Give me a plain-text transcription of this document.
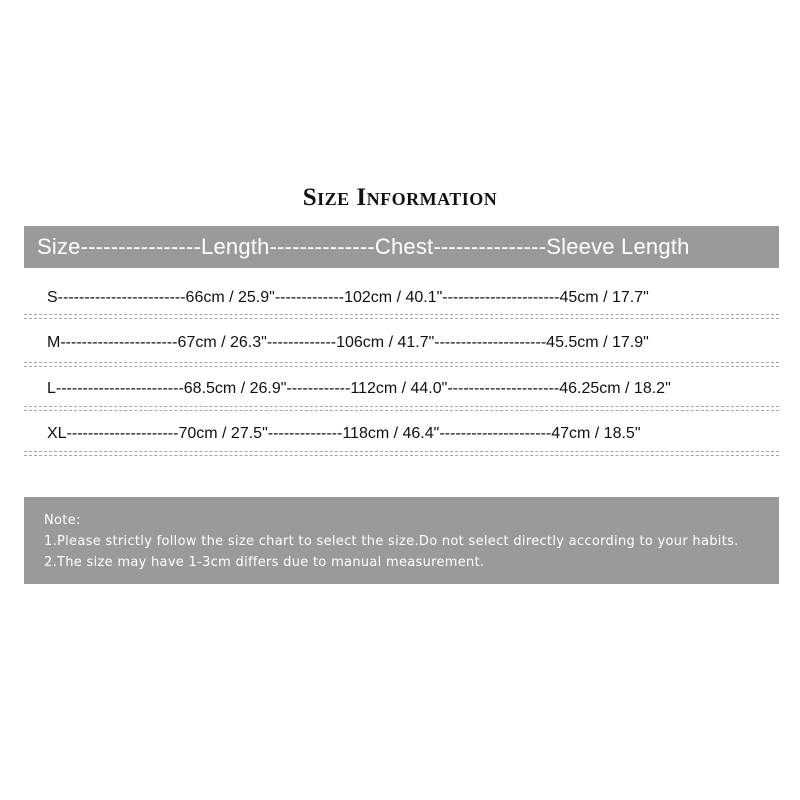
Size Information
Size----------------Length--------------Chest---------------Sleeve Length
S------------------------66cm / 25.9"-------------102cm / 40.1"----------------------45cm / 17.7"
M----------------------67cm / 26.3"-------------106cm / 41.7"---------------------45.5cm / 17.9"
L------------------------68.5cm / 26.9"------------112cm / 44.0"---------------------46.25cm / 18.2"
XL---------------------70cm / 27.5"--------------118cm / 46.4"---------------------47cm / 18.5"
Note:
1.Please strictly follow the size chart to select the size.Do not select directly according to your habits.
2.The size may have 1-3cm differs due to manual measurement.
